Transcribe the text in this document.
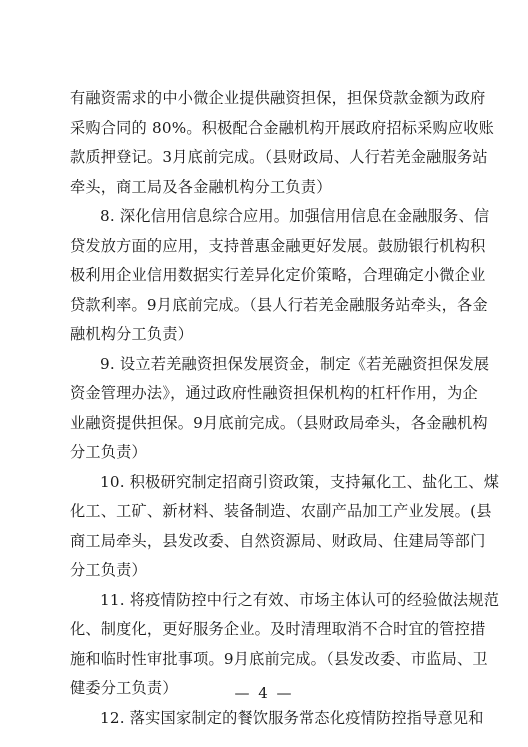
有融资需求的中小微企业提供融资担保，担保贷款金额为政府
采购合同的 80%。积极配合金融机构开展政府招标采购应收账
款质押登记。3月底前完成。（县财政局、人行若羌金融服务站
牵头，商工局及各金融机构分工负责）
8. 深化信用信息综合应用。加强信用信息在金融服务、信
贷发放方面的应用，支持普惠金融更好发展。鼓励银行机构积
极利用企业信用数据实行差异化定价策略，合理确定小微企业
贷款利率。9月底前完成。（县人行若羌金融服务站牵头，各金
融机构分工负责）
9. 设立若羌融资担保发展资金，制定《若羌融资担保发展
资金管理办法》，通过政府性融资担保机构的杠杆作用，为企
业融资提供担保。9月底前完成。（县财政局牵头，各金融机构
分工负责）
10. 积极研究制定招商引资政策，支持氟化工、盐化工、煤
化工、工矿、新材料、装备制造、农副产品加工产业发展。(县
商工局牵头，县发改委、自然资源局、财政局、住建局等部门
分工负责）
11. 将疫情防控中行之有效、市场主体认可的经验做法规范
化、制度化，更好服务企业。及时清理取消不合时宜的管控措
施和临时性审批事项。9月底前完成。（县发改委、市监局、卫
健委分工负责）
12. 落实国家制定的餐饮服务常态化疫情防控指导意见和
— 4 —
